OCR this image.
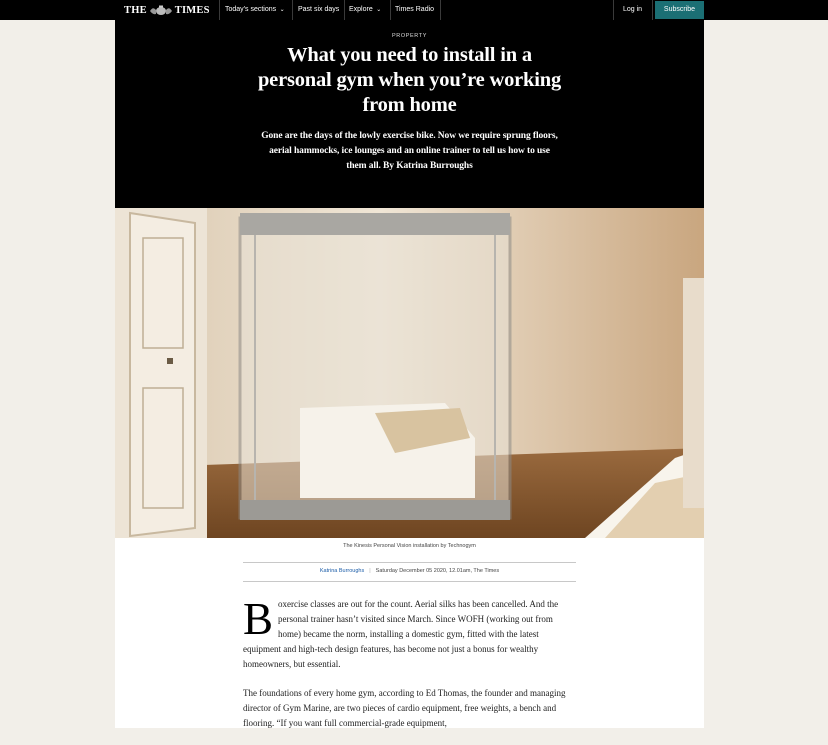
THE	TIMES Today's sections ⌄ Past six days Explore ⌄ Times Radio	Log in	Subscribe
PROPERTY
What you need to install in a personal gym when you’re working from home

Gone are the days of the lowly exercise bike. Now we require sprung floors, aerial hammocks, ice lounges and an online trainer to tell us how to use them all. By Katrina Burroughs

The Kinesis Personal Vision installation by Technogym
Katrina Burroughs | Saturday December 05 2020, 12.01am, The Times

Boxercise classes are out for the count. Aerial silks has been cancelled. And the personal trainer hasn’t visited since March. Since WOFH (working out from home) became the norm, installing a domestic gym, fitted with the latest equipment and high-tech design features, has become not just a bonus for wealthy homeowners, but essential.

The foundations of every home gym, according to Ed Thomas, the founder and managing director of Gym Marine, are two pieces of cardio equipment, free weights, a bench and flooring. “If you want full commercial-grade equipment,
